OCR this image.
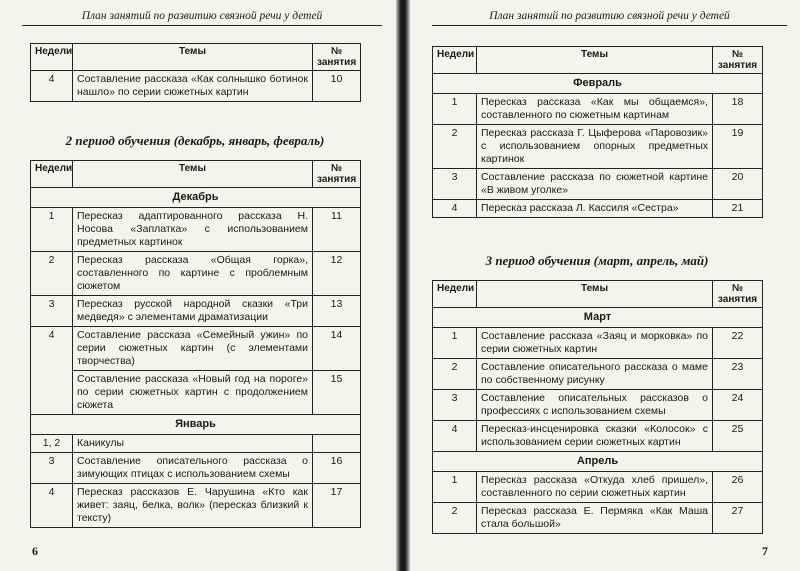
План занятий по развитию связной речи у детей
Недели	Темы	№ занятия
4	Составление рассказа «Как солнышко ботинок нашло» по серии сюжетных картин	10
2 период обучения (декабрь, январь, февраль)
Недели	Темы	№ занятия
Декабрь		
1	Пересказ адаптированного рассказа Н. Носова «Заплатка» с использованием предметных картинок	11
2	Пересказ рассказа «Общая горка», составленного по картине с проблемным сюжетом	12
3	Пересказ русской народной сказки «Три медведя» с элементами драматизации	13
4	Составление рассказа «Семейный ужин» по серии сюжетных картин (с элементами творчества)	14
	Составление рассказа «Новый год на пороге» по серии сюжетных картин с продолжением сюжета	15
Январь		
1, 2	Каникулы	
3	Составление описательного рассказа о зимующих птицах с использованием схемы	16
4	Пересказ рассказов Е. Чарушина «Кто как живет: заяц, белка, волк» (пересказ близкий к тексту)	17
6
План занятий по развитию связной речи у детей
Недели	Темы	№ занятия
Февраль		
1	Пересказ рассказа «Как мы общаемся», составленного по сюжетным картинам	18
2	Пересказ рассказа Г. Цыферова «Паровозик» с использованием опорных предметных картинок	19
3	Составление рассказа по сюжетной картине «В живом уголке»	20
4	Пересказ рассказа Л. Кассиля «Сестра»	21
3 период обучения (март, апрель, май)
Недели	Темы	№ занятия
Март		
1	Составление рассказа «Заяц и морковка» по серии сюжетных картин	22
2	Составление описательного рассказа о маме по собственному рисунку	23
3	Составление описательных рассказов о профессиях с использованием схемы	24
4	Пересказ-инсценировка сказки «Колосок» с использованием серии сюжетных картин	25
Апрель		
1	Пересказ рассказа «Откуда хлеб пришел», составленного по серии сюжетных картин	26
2	Пересказ рассказа Е. Пермяка «Как Маша стала большой»	27
7
